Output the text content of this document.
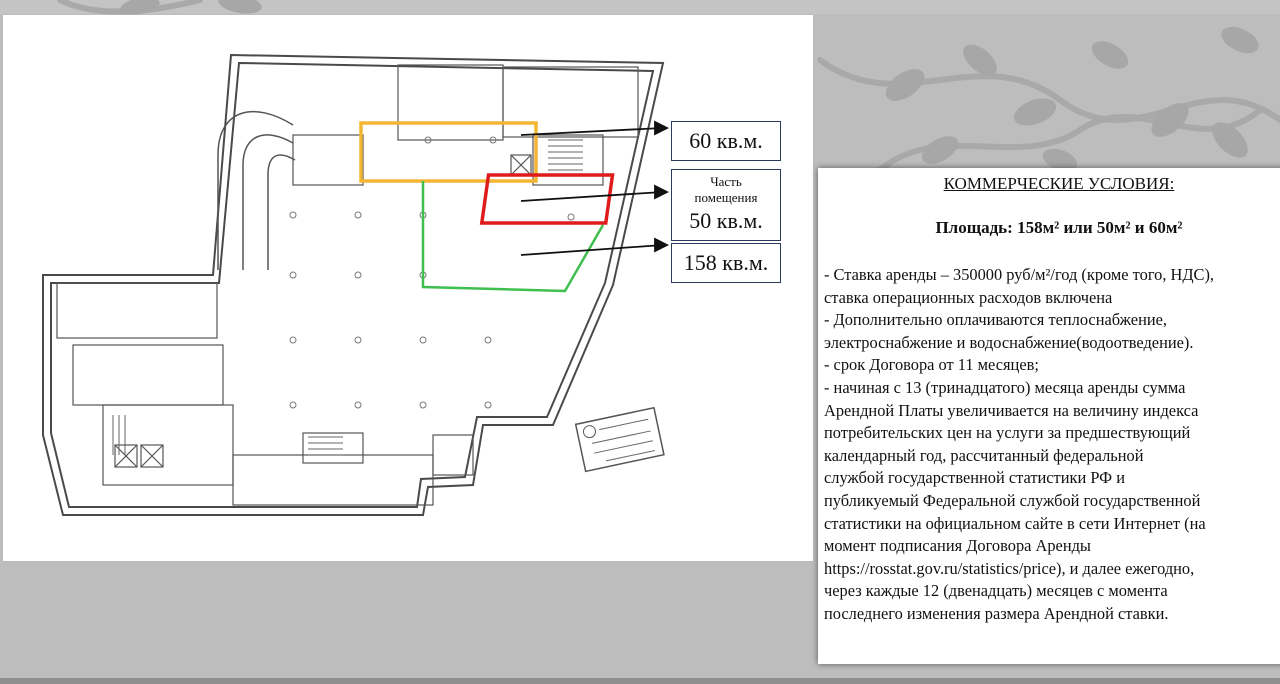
60 кв.м.
Часть
помещения
50 кв.м.
158 кв.м.
КОММЕРЧЕСКИЕ УСЛОВИЯ:
Площадь: 158м² или 50м² и 60м²
- Ставка аренды – 350000 руб/м²/год (кроме того, НДС),
ставка операционных расходов включена
- Дополнительно оплачиваются теплоснабжение,
электроснабжение и водоснабжение(водоотведение).
- срок Договора от 11 месяцев;
- начиная с 13 (тринадцатого) месяца аренды сумма
Арендной Платы увеличивается на величину индекса
потребительских цен на услуги за предшествующий
календарный год, рассчитанный федеральной
службой государственной статистики РФ и
публикуемый Федеральной службой государственной
статистики на официальном сайте в сети Интернет (на
момент подписания Договора Аренды
https://rosstat.gov.ru/statistics/price), и далее ежегодно,
через каждые 12 (двенадцать) месяцев с момента
последнего изменения размера Арендной ставки.
